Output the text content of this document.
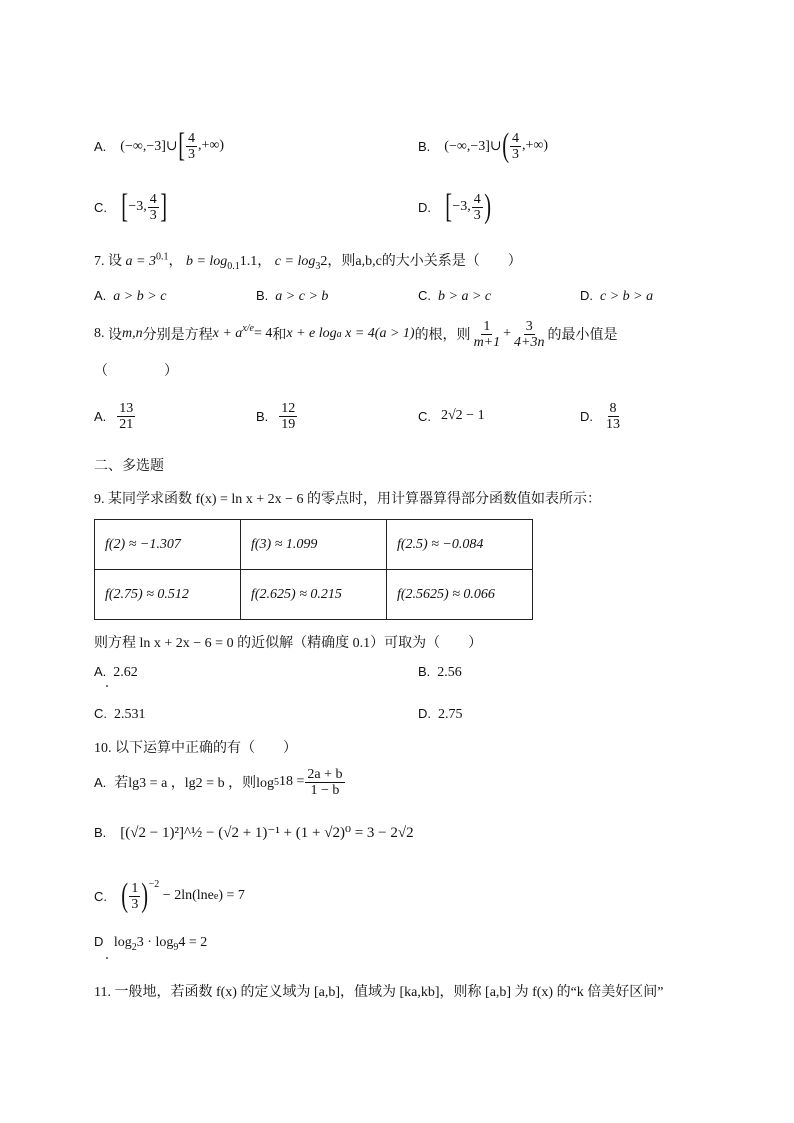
A. (−∞,−3]∪ [ $\frac{4}{3}$ ,+∞)	B. (−∞,−3]∪ ( $\frac{4}{3}$ ,+∞)
C. [ −3, $\frac{4}{3}$ ]	D. [ −3, $\frac{4}{3}$ )
7. 设 $a = 3^{0.1}$， $b = \log_{0.1}1.1$， $c = \log_32$，则a,b,c的大小关系是（　　）
A. a > b > c	B. a > c > b	C. b > a > c	D. c > b > a
8.
设 m,n 分别是方程 $x + a^{x/e} = 4$ 和 x + e log a
x = 4(a > 1) 的根，则 $\frac{1}{m+1} + \frac{3}{4+3n}$ 的最小值是
（　　　　）
A. $\frac{13}{21}$	B. $\frac{12}{19}$	C. 2√2 − 1	D. $\frac{8}{13}$
二、多选题
9. 某同学求函数 f(x) = ln x + 2x − 6 的零点时，用计算器算得部分函数值如表所示：
f(2) ≈ −1.307	f(3) ≈ 1.099	f(2.5) ≈ −0.084
f(2.75) ≈ 0.512	f(2.625) ≈ 0.215	f(2.5625) ≈ 0.066
则方程 ln x + 2x − 6 = 0 的近似解（精确度 0.1）可取为（　　）
A. 2.62	B. 2.56
C. 2.531	D. 2.75
10. 以下运算中正确的有（　　）
A. 若lg3 = a ，lg2 = b ，则log 5 $18 = \frac{2a + b}{1 - b}$
B. [(√2 − 1)²]^½ − (√2 + 1)⁻¹ + (1 + √2)⁰ = 3 − 2√2
C. ( $\frac{1}{3} )^{-2}$

− 2ln(lne e ) = 7
D $\log_23 \cdot \log_94 = 2$
11. 一般地，若函数 f(x) 的定义域为 [a,b]，值域为 [ka,kb]，则称 [a,b] 为 f(x) 的“k 倍美好区间”
